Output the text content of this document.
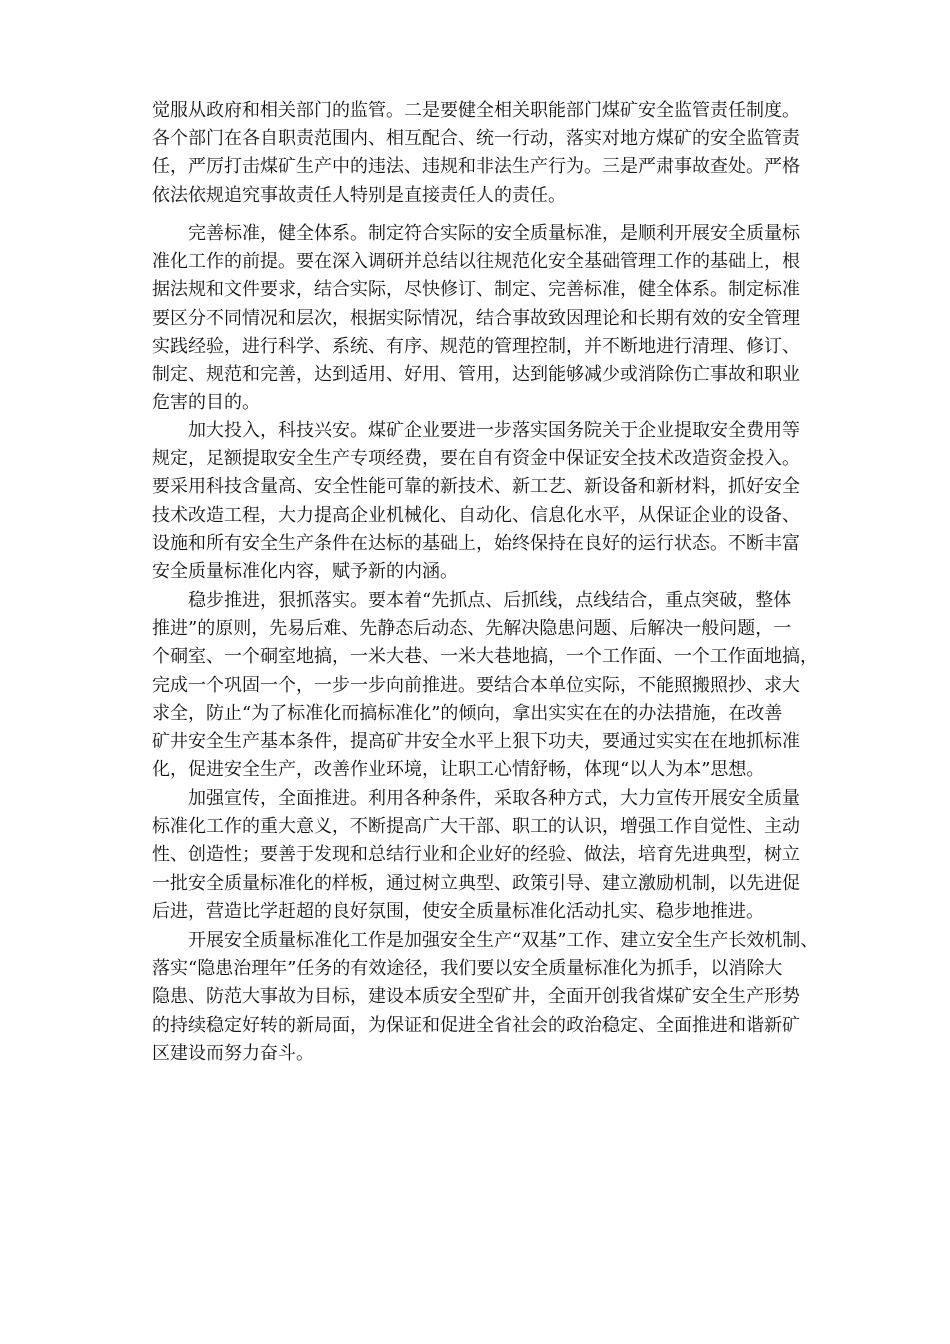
觉服从政府和相关部门的监管。二是要健全相关职能部门煤矿安全监管责任制度。
各个部门在各自职责范围内、相互配合、统一行动，落实对地方煤矿的安全监管责
任，严厉打击煤矿生产中的违法、违规和非法生产行为。三是严肃事故查处。严格
依法依规追究事故责任人特别是直接责任人的责任。

　　完善标准，健全体系。制定符合实际的安全质量标准，是顺利开展安全质量标
准化工作的前提。要在深入调研并总结以往规范化安全基础管理工作的基础上，根
据法规和文件要求，结合实际，尽快修订、制定、完善标准，健全体系。制定标准
要区分不同情况和层次，根据实际情况，结合事故致因理论和长期有效的安全管理
实践经验，进行科学、系统、有序、规范的管理控制，并不断地进行清理、修订、
制定、规范和完善，达到适用、好用、管用，达到能够减少或消除伤亡事故和职业
危害的目的。

　　加大投入，科技兴安。煤矿企业要进一步落实国务院关于企业提取安全费用等
规定，足额提取安全生产专项经费，要在自有资金中保证安全技术改造资金投入。
要采用科技含量高、安全性能可靠的新技术、新工艺、新设备和新材料，抓好安全
技术改造工程，大力提高企业机械化、自动化、信息化水平，从保证企业的设备、
设施和所有安全生产条件在达标的基础上，始终保持在良好的运行状态。不断丰富
安全质量标准化内容，赋予新的内涵。

　　稳步推进，狠抓落实。要本着“先抓点、后抓线，点线结合，重点突破，整体
推进”的原则，先易后难、先静态后动态、先解决隐患问题、后解决一般问题，一
个硐室、一个硐室地搞，一米大巷、一米大巷地搞，一个工作面、一个工作面地搞，
完成一个巩固一个，一步一步向前推进。要结合本单位实际，不能照搬照抄、求大
求全，防止“为了标准化而搞标准化”的倾向，拿出实实在在的办法措施，在改善
矿井安全生产基本条件，提高矿井安全水平上狠下功夫，要通过实实在在地抓标准
化，促进安全生产，改善作业环境，让职工心情舒畅，体现“以人为本”思想。

　　加强宣传，全面推进。利用各种条件，采取各种方式，大力宣传开展安全质量
标准化工作的重大意义，不断提高广大干部、职工的认识，增强工作自觉性、主动
性、创造性；要善于发现和总结行业和企业好的经验、做法，培育先进典型，树立
一批安全质量标准化的样板，通过树立典型、政策引导、建立激励机制，以先进促
后进，营造比学赶超的良好氛围，使安全质量标准化活动扎实、稳步地推进。

　　开展安全质量标准化工作是加强安全生产“双基”工作、建立安全生产长效机制、
落实“隐患治理年”任务的有效途径，我们要以安全质量标准化为抓手，以消除大
隐患、防范大事故为目标，建设本质安全型矿井，全面开创我省煤矿安全生产形势
的持续稳定好转的新局面，为保证和促进全省社会的政治稳定、全面推进和谐新矿
区建设而努力奋斗。
